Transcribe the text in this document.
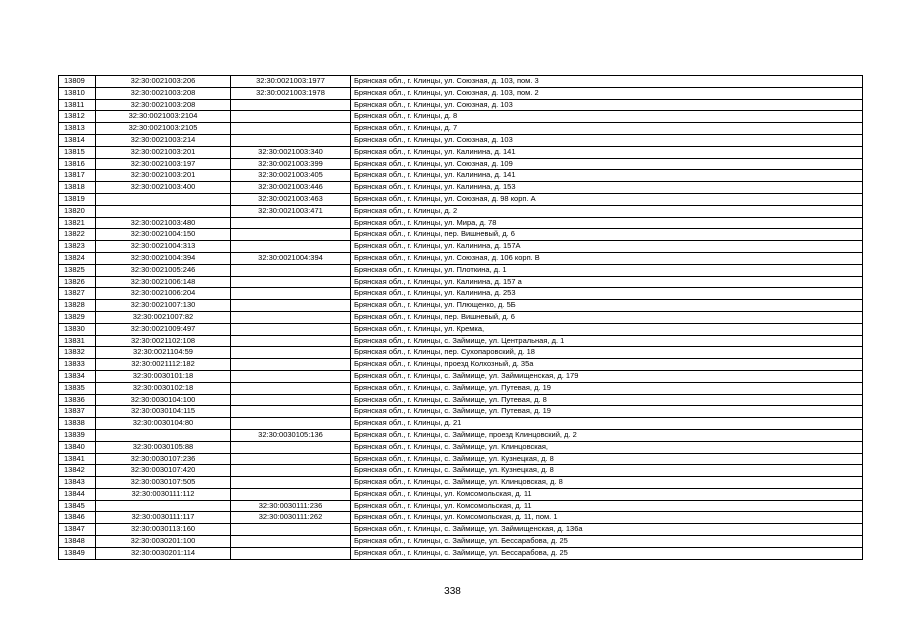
13809	32:30:0021003:206	32:30:0021003:1977	Брянская обл., г. Клинцы, ул. Союзная, д. 103, пом. 3
13810	32:30:0021003:208	32:30:0021003:1978	Брянская обл., г. Клинцы, ул. Союзная, д. 103, пом. 2
13811	32:30:0021003:208		Брянская обл., г. Клинцы, ул. Союзная, д. 103
13812	32:30:0021003:2104		Брянская обл., г. Клинцы, д. 8
13813	32:30:0021003:2105		Брянская обл., г. Клинцы, д. 7
13814	32:30:0021003:214		Брянская обл., г. Клинцы, ул. Союзная, д. 103
13815	32:30:0021003:201	32:30:0021003:340	Брянская обл., г. Клинцы, ул. Калинина, д. 141
13816	32:30:0021003:197	32:30:0021003:399	Брянская обл., г. Клинцы, ул. Союзная, д. 109
13817	32:30:0021003:201	32:30:0021003:405	Брянская обл., г. Клинцы, ул. Калинина, д. 141
13818	32:30:0021003:400	32:30:0021003:446	Брянская обл., г. Клинцы, ул. Калинина, д. 153
13819		32:30:0021003:463	Брянская обл., г. Клинцы, ул. Союзная, д. 98 корп. А
13820		32:30:0021003:471	Брянская обл., г. Клинцы, д. 2
13821	32:30:0021003:480		Брянская обл., г. Клинцы, ул. Мира, д. 78
13822	32:30:0021004:150		Брянская обл., г. Клинцы, пер. Вишневый, д. 6
13823	32:30:0021004:313		Брянская обл., г. Клинцы, ул. Калинина, д. 157А
13824	32:30:0021004:394	32:30:0021004:394	Брянская обл., г. Клинцы, ул. Союзная, д. 106 корп. В
13825	32:30:0021005:246		Брянская обл., г. Клинцы, ул. Плоткина, д. 1
13826	32:30:0021006:148		Брянская обл., г. Клинцы, ул. Калинина, д. 157 а
13827	32:30:0021006:204		Брянская обл., г. Клинцы, ул. Калинина, д. 253
13828	32:30:0021007:130		Брянская обл., г. Клинцы, ул. Плющенко, д. 5Б
13829	32:30:0021007:82		Брянская обл., г. Клинцы, пер. Вишневый, д. 6
13830	32:30:0021009:497		Брянская обл., г. Клинцы, ул. Кремка,
13831	32:30:0021102:108		Брянская обл., г. Клинцы, с. Займище, ул. Центральная, д. 1
13832	32:30:0021104:59		Брянская обл., г. Клинцы, пер. Сухопаровский, д. 18
13833	32:30:0021112:182		Брянская обл., г. Клинцы, проезд Колхозный, д. 35а
13834	32:30:0030101:18		Брянская обл., г. Клинцы, с. Займище, ул. Займищенская, д. 179
13835	32:30:0030102:18		Брянская обл., г. Клинцы, с. Займище, ул. Путевая, д. 19
13836	32:30:0030104:100		Брянская обл., г. Клинцы, с. Займище, ул. Путевая, д. 8
13837	32:30:0030104:115		Брянская обл., г. Клинцы, с. Займище, ул. Путевая, д. 19
13838	32:30:0030104:80		Брянская обл., г. Клинцы, д. 21
13839		32:30:0030105:136	Брянская обл., г. Клинцы, с. Займище, проезд Клинцовский, д. 2
13840	32:30:0030105:88		Брянская обл., г. Клинцы, с. Займище, ул. Клинцовская,
13841	32:30:0030107:236		Брянская обл., г. Клинцы, с. Займище, ул. Кузнецкая, д. 8
13842	32:30:0030107:420		Брянская обл., г. Клинцы, с. Займище, ул. Кузнецкая, д. 8
13843	32:30:0030107:505		Брянская обл., г. Клинцы, с. Займище, ул. Клинцовская, д. 8
13844	32:30:0030111:112		Брянская обл., г. Клинцы, ул. Комсомольская, д. 11
13845		32:30:0030111:236	Брянская обл., г. Клинцы, ул. Комсомольская, д. 11
13846	32:30:0030111:117	32:30:0030111:262	Брянская обл., г. Клинцы, ул. Комсомольская, д. 11, пом. 1
13847	32:30:0030113:160		Брянская обл., г. Клинцы, с. Займище, ул. Займищенская, д. 136а
13848	32:30:0030201:100		Брянская обл., г. Клинцы, с. Займище, ул. Бессарабова, д. 25
13849	32:30:0030201:114		Брянская обл., г. Клинцы, с. Займище, ул. Бессарабова, д. 25
338
